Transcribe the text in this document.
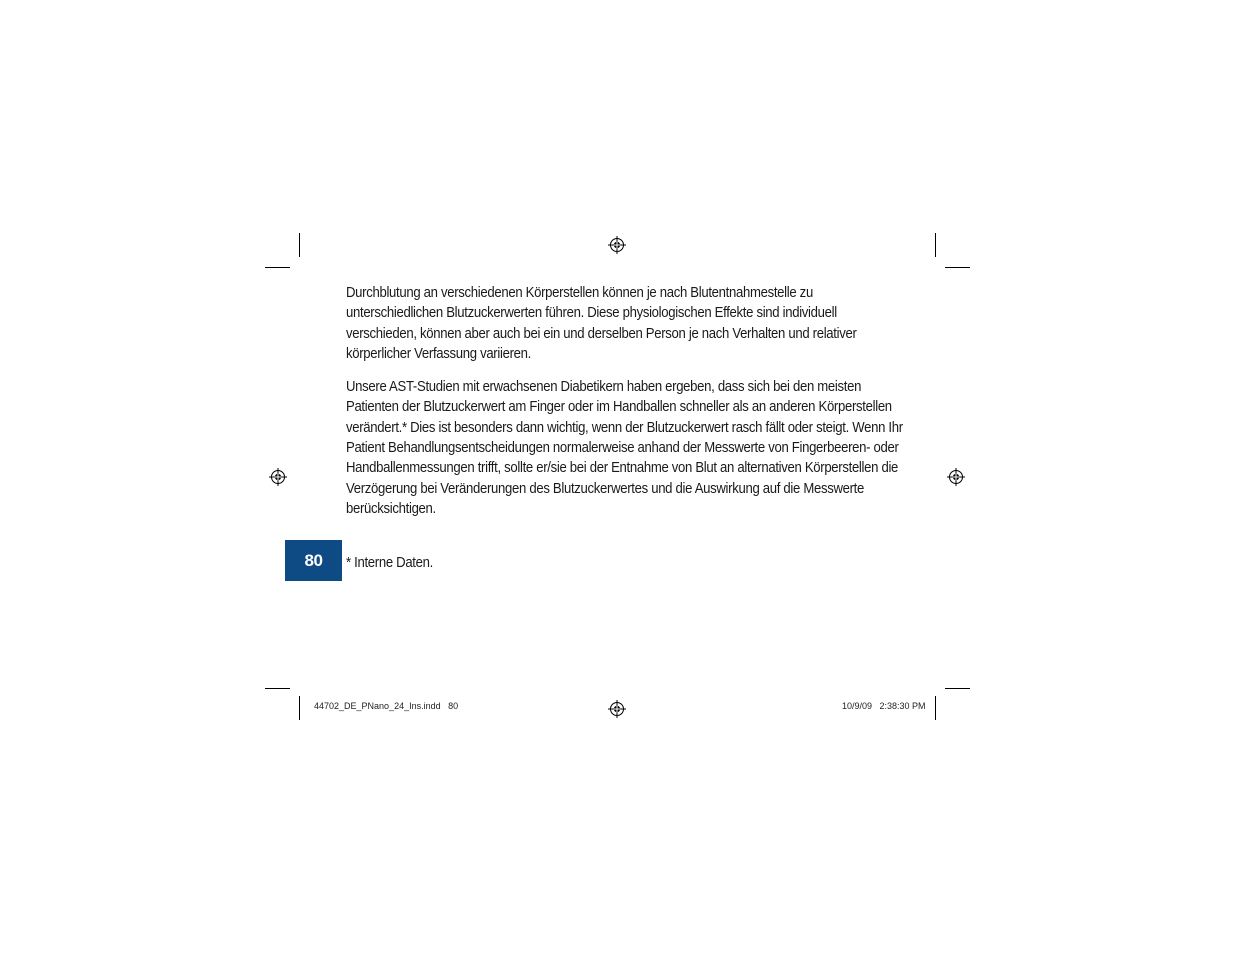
Durchblutung an verschiedenen Körperstellen können je nach Blutentnahmestelle zu unterschiedlichen Blutzuckerwerten führen. Diese physiologischen Effekte sind individuell verschieden, können aber auch bei ein und derselben Person je nach Verhalten und relativer körperlicher Verfassung variieren.

Unsere AST-Studien mit erwachsenen Diabetikern haben ergeben, dass sich bei den meisten Patienten der Blutzuckerwert am Finger oder im Handballen schneller als an anderen Körperstellen verändert.* Dies ist besonders dann wichtig, wenn der Blutzuckerwert rasch fällt oder steigt. Wenn Ihr Patient Behandlungsentscheidungen normalerweise anhand der Messwerte von Fingerbeeren- oder Handballenmessungen trifft, sollte er/sie bei der Entnahme von Blut an alternativen Körperstellen die Verzögerung bei Veränderungen des Blutzuckerwertes und die Auswirkung auf die Messwerte berücksichtigen.

80 * Interne Daten.
44702_DE_PNano_24_Ins.indd   80	10/9/09   2:38:30 PM
